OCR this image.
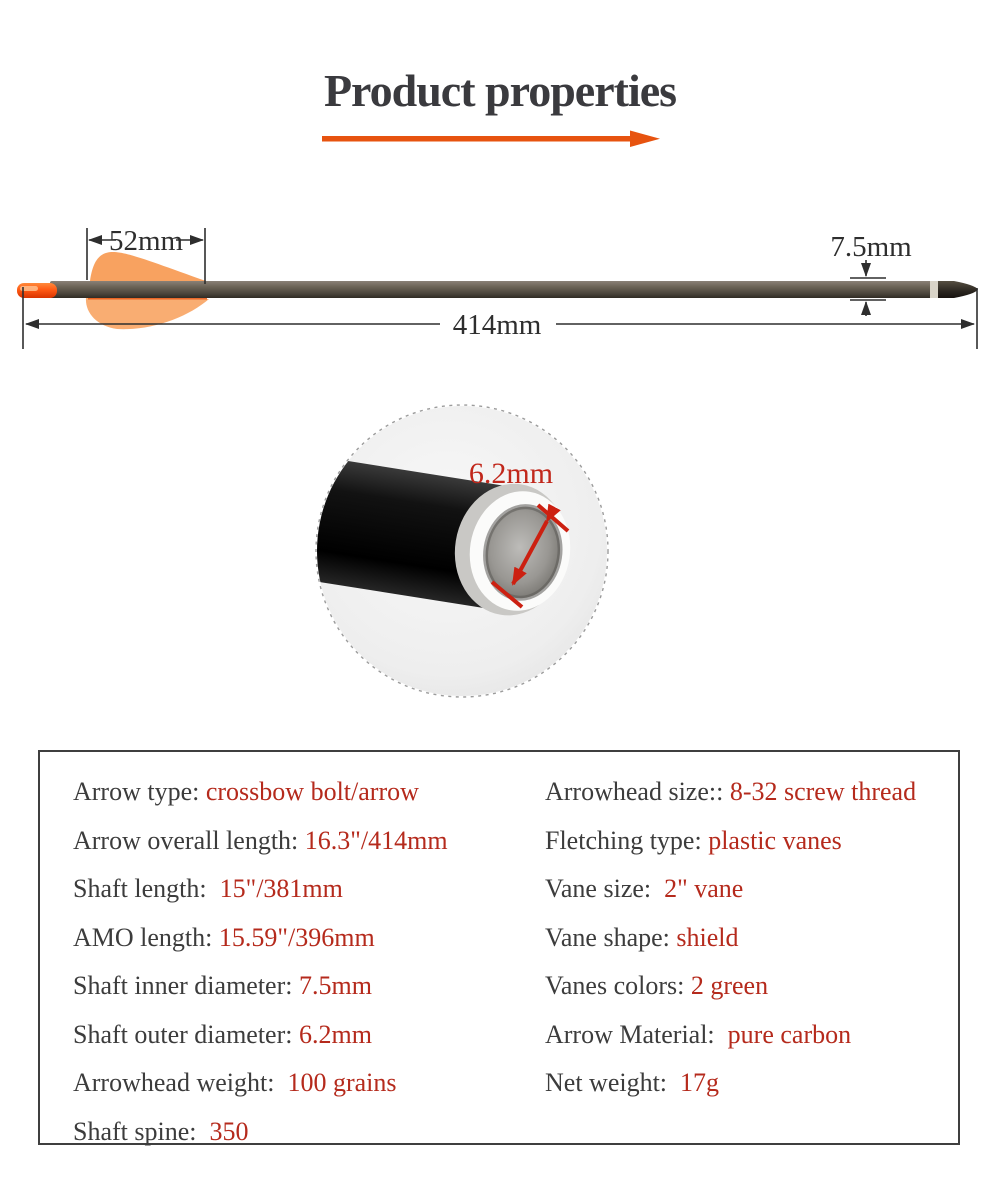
Product properties
52mm	7.5mm
414mm
6.2mm
Arrow type: crossbow bolt/arrow
Arrow overall length: 16.3"/414mm
Shaft length: 15"/381mm
AMO length: 15.59"/396mm
Shaft inner diameter: 7.5mm
Shaft outer diameter: 6.2mm
Arrowhead weight: 100 grains
Shaft spine: 350
Arrowhead size:: 8-32 screw thread
Fletching type: plastic vanes
Vane size: 2" vane
Vane shape: shield
Vanes colors: 2 green
Arrow Material: pure carbon
Net weight: 17g
